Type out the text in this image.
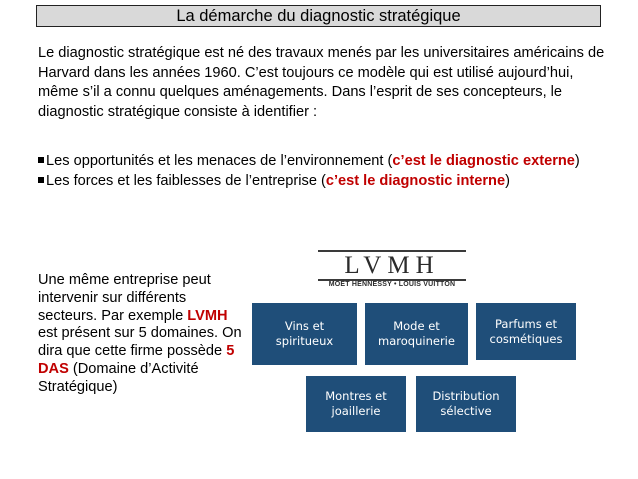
La démarche du diagnostic stratégique
Le diagnostic stratégique est né des travaux menés par les universitaires américains de Harvard dans les années 1960. C’est toujours ce modèle qui est utilisé aujourd’hui, même s’il a connu quelques aménagements. Dans l’esprit de ses concepteurs, le diagnostic stratégique consiste à identifier :
Les opportunités et les menaces de l’environnement (c’est le diagnostic externe)
Les forces et les faiblesses de l’entreprise (c’est le diagnostic interne)
Une même entreprise peut intervenir sur différents secteurs. Par exemple LVMH est présent sur 5 domaines. On dira que cette firme possède 5 DAS (Domaine d’Activité Stratégique)
LVMH
MOËT HENNESSY • LOUIS VUITTON
Vins et spiritueux
Mode et maroquinerie
Parfums et cosmétiques
Montres et joaillerie
Distribution sélective
